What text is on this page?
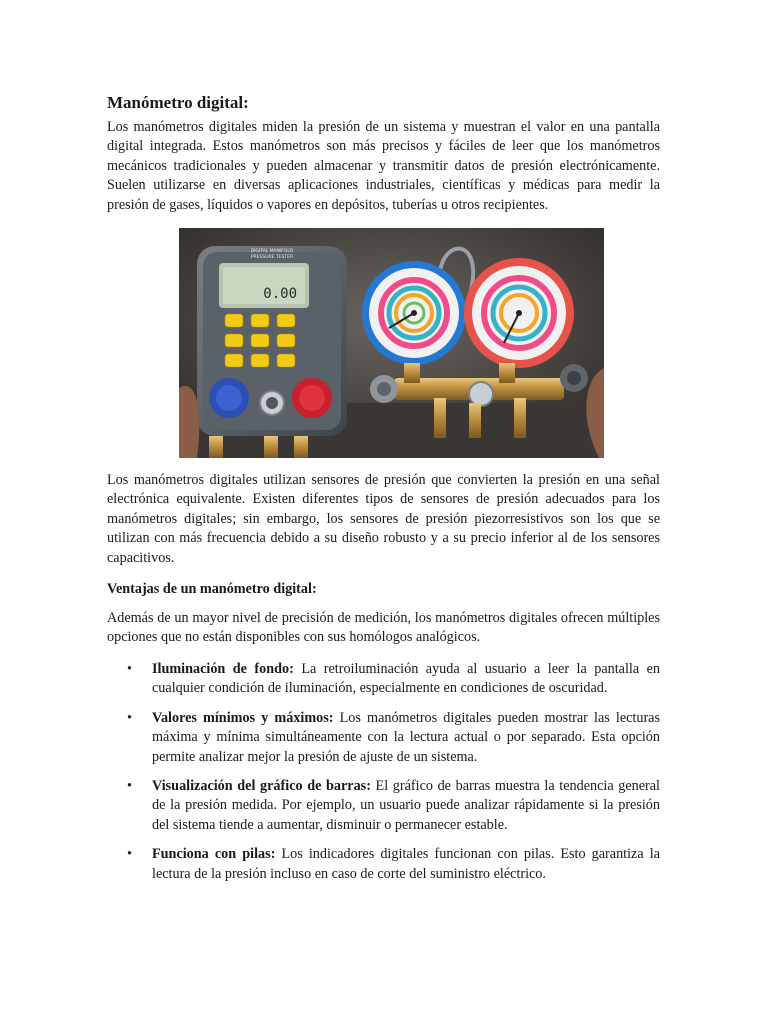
Manómetro digital:

Los manómetros digitales miden la presión de un sistema y muestran el valor en una pantalla digital integrada. Estos manómetros son más precisos y fáciles de leer que los manómetros mecánicos tradicionales y pueden almacenar y transmitir datos de presión electrónicamente. Suelen utilizarse en diversas aplicaciones industriales, científicas y médicas para medir la presión de gases, líquidos o vapores en depósitos, tuberías u otros recipientes.

DIGITAL MANIFOLD
PRESSURE TESTER
0.00

Los manómetros digitales utilizan sensores de presión que convierten la presión en una señal electrónica equivalente. Existen diferentes tipos de sensores de presión adecuados para los manómetros digitales; sin embargo, los sensores de presión piezorresistivos son los que se utilizan con más frecuencia debido a su diseño robusto y a su precio inferior al de los sensores capacitivos.

Ventajas de un manómetro digital:

Además de un mayor nivel de precisión de medición, los manómetros digitales ofrecen múltiples opciones que no están disponibles con sus homólogos analógicos.

• Iluminación de fondo: La retroiluminación ayuda al usuario a leer la pantalla en cualquier condición de iluminación, especialmente en condiciones de oscuridad.
• Valores mínimos y máximos: Los manómetros digitales pueden mostrar las lecturas máxima y mínima simultáneamente con la lectura actual o por separado. Esta opción permite analizar mejor la presión de ajuste de un sistema.
• Visualización del gráfico de barras: El gráfico de barras muestra la tendencia general de la presión medida. Por ejemplo, un usuario puede analizar rápidamente si la presión del sistema tiende a aumentar, disminuir o permanecer estable.
• Funciona con pilas: Los indicadores digitales funcionan con pilas. Esto garantiza la lectura de la presión incluso en caso de corte del suministro eléctrico.
